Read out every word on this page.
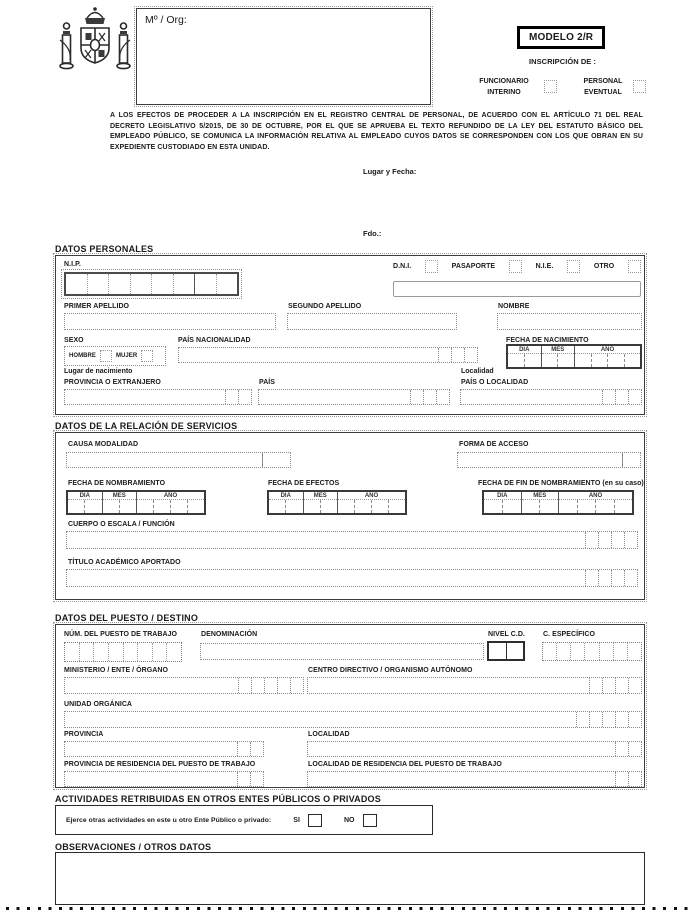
Mº / Org:
MODELO 2/R
INSCRIPCIÓN DE :
FUNCIONARIO
INTERINO
PERSONAL
EVENTUAL

A LOS EFECTOS DE PROCEDER A LA INSCRIPCIÓN EN EL REGISTRO CENTRAL DE PERSONAL, DE ACUERDO CON EL ARTÍCULO 71 DEL REAL DECRETO LEGISLATIVO 5/2015, DE 30 DE OCTUBRE, POR EL QUE SE APRUEBA EL TEXTO REFUNDIDO DE LA LEY DEL ESTATUTO BÁSICO DEL EMPLEADO PÚBLICO, SE COMUNICA LA INFORMACIÓN RELATIVA AL EMPLEADO CUYOS DATOS SE CORRESPONDEN CON LOS QUE OBRAN EN SU EXPEDIENTE CUSTODIADO EN ESTA UNIDAD.

Lugar y Fecha:
Fdo.:
DATOS PERSONALES
N.I.P.	D.N.I.	PASAPORTE	N.I.E.	OTRO
PRIMER APELLIDO	SEGUNDO APELLIDO	NOMBRE
SEXO	PAÍS NACIONALIDAD	FECHA DE NACIMIENTO
HOMBRE	MUJER
DIA	MES	AÑO
Lugar de nacimiento	Localidad
PROVINCIA O EXTRANJERO	PAÍS	PAÍS O LOCALIDAD
DATOS DE LA RELACIÓN DE SERVICIOS
CAUSA MODALIDAD	FORMA DE ACCESO
FECHA DE NOMBRAMIENTO
DIA	MES	AÑO
FECHA DE EFECTOS
DIA	MES	AÑO
FECHA DE FIN DE NOMBRAMIENTO (en su caso)
DIA	MES	AÑO
CUERPO O ESCALA / FUNCIÓN
TÍTULO ACADÉMICO APORTADO
DATOS DEL PUESTO / DESTINO
NÚM. DEL PUESTO DE TRABAJO	DENOMINACIÓN	NIVEL C.D.	C. ESPECÍFICO
MINISTERIO / ENTE / ÓRGANO	CENTRO DIRECTIVO / ORGANISMO AUTÓNOMO
UNIDAD ORGÁNICA
PROVINCIA	LOCALIDAD
PROVINCIA DE RESIDENCIA DEL PUESTO DE TRABAJO	LOCALIDAD DE RESIDENCIA DEL PUESTO DE TRABAJO
ACTIVIDADES RETRIBUIDAS EN OTROS ENTES PÚBLICOS O PRIVADOS
Ejerce otras actividades en este u otro Ente Público o privado:	SI	NO
OBSERVACIONES / OTROS DATOS
